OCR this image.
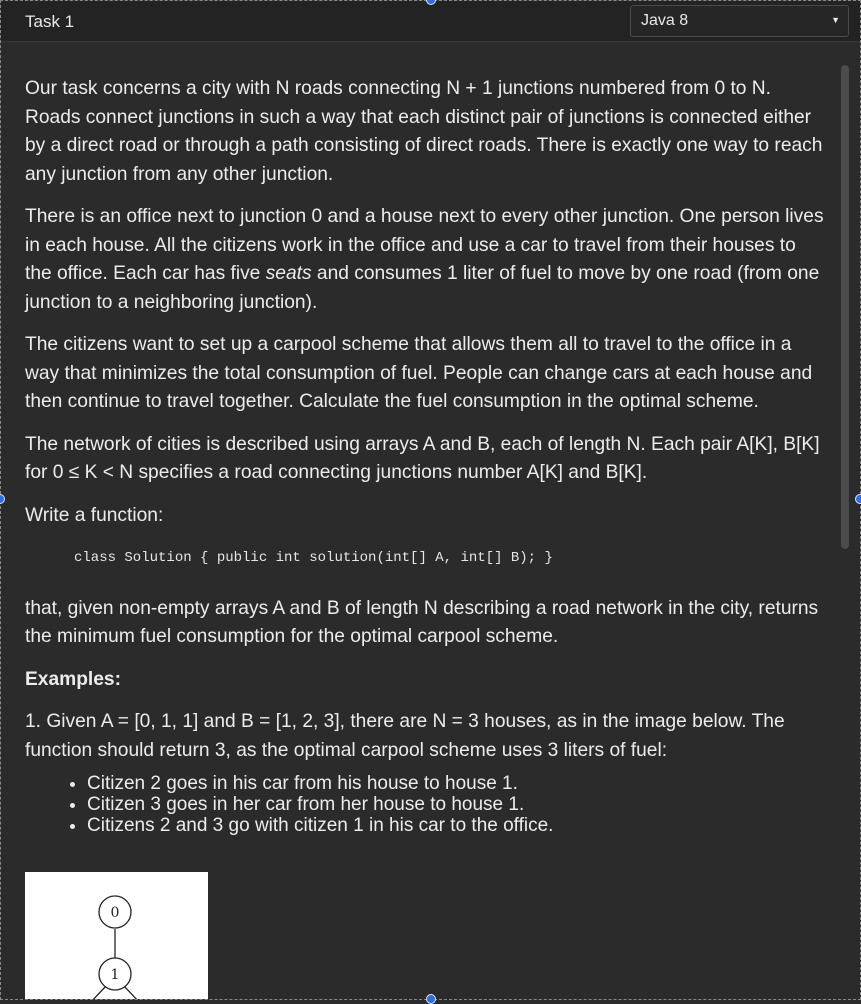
Task 1	Java 8	▼

Our task concerns a city with N roads connecting N + 1 junctions numbered from 0 to N.
Roads connect junctions in such a way that each distinct pair of junctions is connected either
by a direct road or through a path consisting of direct roads. There is exactly one way to reach
any junction from any other junction.

There is an office next to junction 0 and a house next to every other junction. One person lives
in each house. All the citizens work in the office and use a car to travel from their houses to
the office. Each car has five seats and consumes 1 liter of fuel to move by one road (from one
junction to a neighboring junction).

The citizens want to set up a carpool scheme that allows them all to travel to the office in a
way that minimizes the total consumption of fuel. People can change cars at each house and
then continue to travel together. Calculate the fuel consumption in the optimal scheme.

The network of cities is described using arrays A and B, each of length N. Each pair A[K], B[K]
for 0 ≤ K < N specifies a road connecting junctions number A[K] and B[K].

Write a function:

class Solution { public int solution(int[] A, int[] B); }

that, given non-empty arrays A and B of length N describing a road network in the city, returns
the minimum fuel consumption for the optimal carpool scheme.

Examples:

1. Given A = [0, 1, 1] and B = [1, 2, 3], there are N = 3 houses, as in the image below. The
function should return 3, as the optimal carpool scheme uses 3 liters of fuel:

• Citizen 2 goes in his car from his house to house 1.
• Citizen 3 goes in her car from her house to house 1.
• Citizens 2 and 3 go with citizen 1 in his car to the office.
0
1
